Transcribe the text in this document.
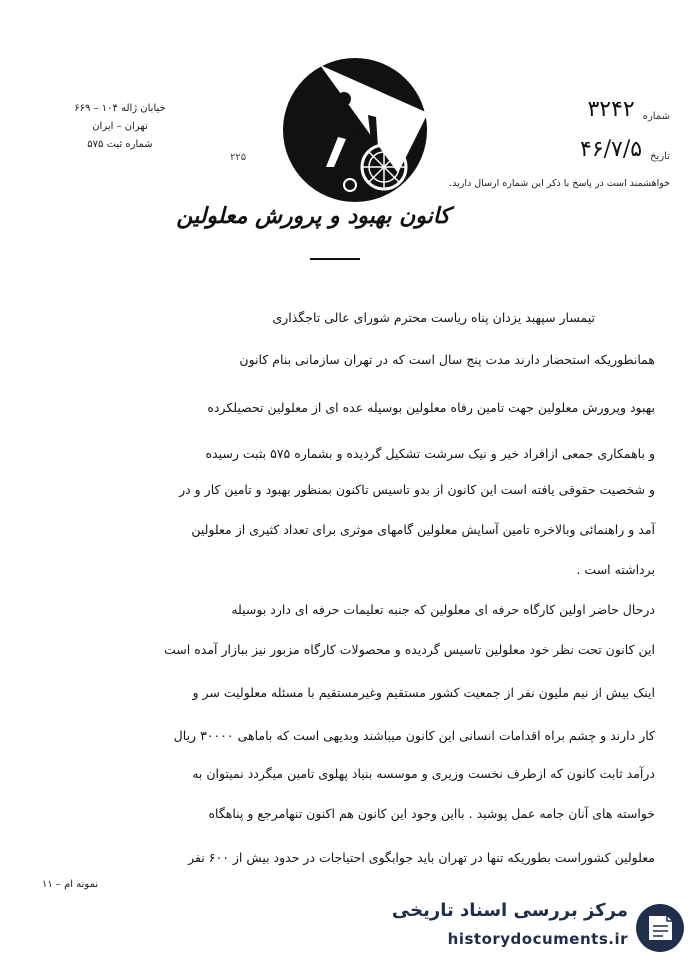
خیابان ژاله ۱۰۴ – ۶۶۹
تهران – ایران
شماره ثبت ۵۷۵
شماره
۳۲۴۲
تاریخ
۴۶/۷/۵
خواهشمند است در پاسخ با ذکر این شماره ارسال دارید.
۲۲۵
کانون بهبود و پرورش معلولین
تیمسار سپهبد یزدان پناه ریاست محترم شورای عالی تاجگذاری
همانطوریکه استحضار دارند مدت پنج سال است که در تهران سازمانی بنام کانون
بهبود وپرورش معلولین جهت تامین رفاه معلولین بوسیله عده ای از معلولین تحصیلکرده
و باهمکاری جمعی ازافراد خیر و نیک سرشت تشکیل گردیده و بشماره ۵۷۵ بثبت رسیده
و شخصیت حقوقی یافته است این کانون از بدو تاسیس تاکنون بمنظور بهبود و تامین کار و در
آمد و راهنمائی وبالاخره تامین آسایش معلولین گامهای موثری برای تعداد کثیری از معلولین
برداشته است .
درحال حاضر اولین کارگاه حرفه ای معلولین که جنبه تعلیمات حرفه ای دارد بوسیله
این کانون تحت نظر خود معلولین تاسیس گردیده و محصولات کارگاه مزبور نیز ببازار آمده است
اینک بیش از نیم ملیون نفر از جمعیت کشور مستقیم وغیرمستقیم با مسئله معلولیت سر و
کار دارند و چشم براه اقدامات انسانی این کانون میباشند وبدیهی است که باماهی ۳۰۰۰۰ ریال
درآمد ثابت کانون که ازطرف نخست وزیری و موسسه بنیاد پهلوی تامین میگردد نمیتوان به
خواسته های آنان جامه عمل پوشید . بااین وجود این کانون هم اکنون تنهامرجع و پناهگاه
معلولین کشوراست بطوریکه تنها در تهران باید جوابگوی احتیاجات در حدود بیش از ۶۰۰ نفر
نمونه ام – ۱۱
مرکز بررسی اسناد تاریخی
historydocuments.ir
